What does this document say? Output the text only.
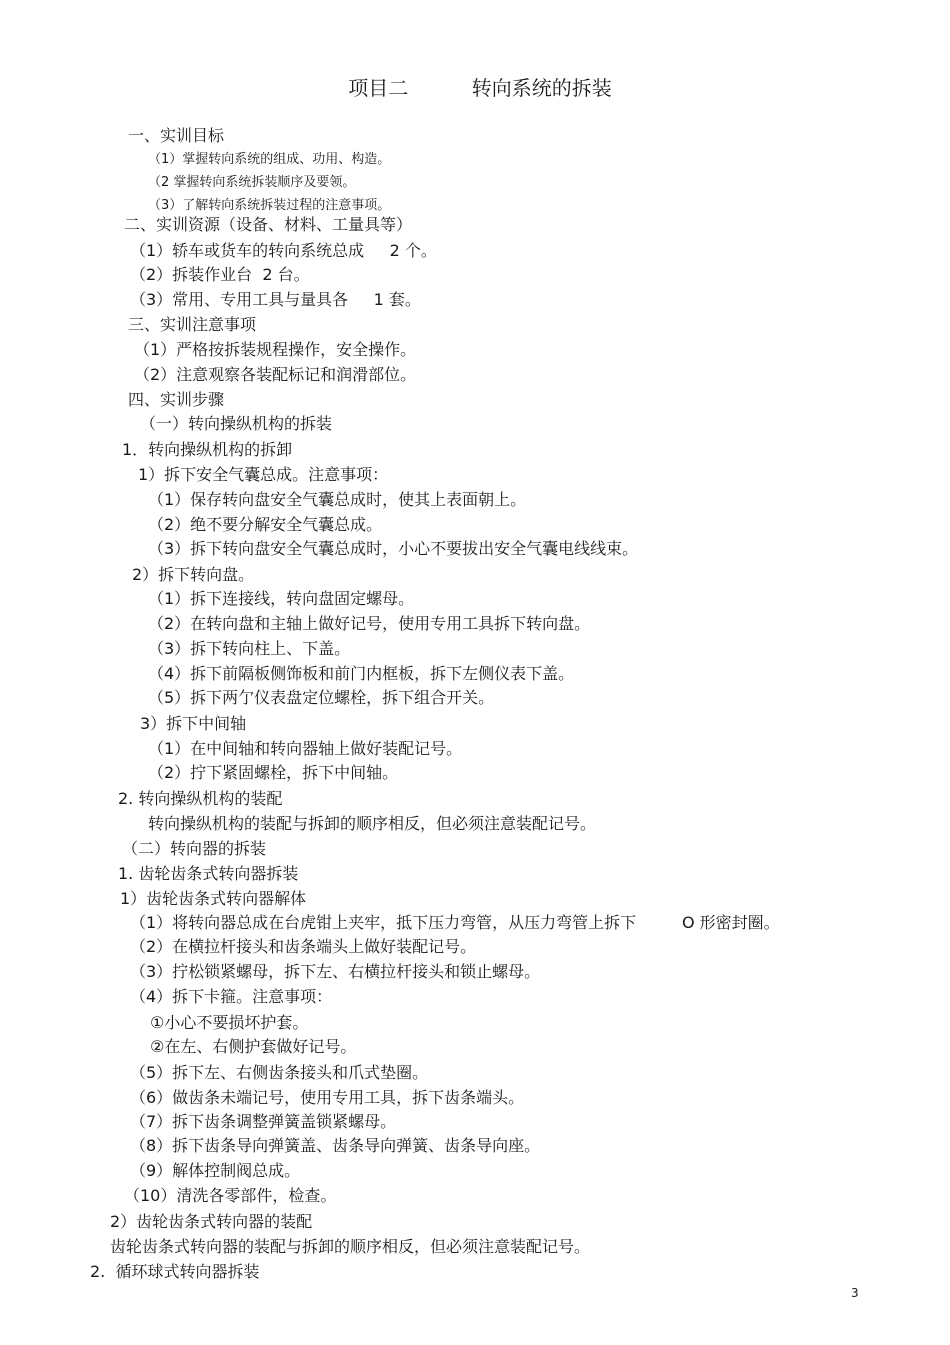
项目二          转向系统的拆装
一、实训目标
（1）掌握转向系统的组成、功用、构造。
（2 掌握转向系统拆装顺序及要领。
（3）了解转向系统拆装过程的注意事项。
二、实训资源（设备、材料、工量具等）
（1）轿车或货车的转向系统总成     2 个。
（2）拆装作业台  2 台。
（3）常用、专用工具与量具各     1 套。
三、实训注意事项
（1）严格按拆装规程操作，安全操作。
（2）注意观察各装配标记和润滑部位。
四、实训步骤
（一）转向操纵机构的拆装
1．转向操纵机构的拆卸
1）拆下安全气囊总成。注意事项：
（1）保存转向盘安全气囊总成时，使其上表面朝上。
（2）绝不要分解安全气囊总成。
（3）拆下转向盘安全气囊总成时，小心不要拔出安全气囊电线线束。
2）拆下转向盘。
（1）拆下连接线，转向盘固定螺母。
（2）在转向盘和主轴上做好记号，使用专用工具拆下转向盘。
（3）拆下转向柱上、下盖。
（4）拆下前隔板侧饰板和前门内框板，拆下左侧仪表下盖。
（5）拆下两亇仪表盘定位螺栓，拆下组合开关。
3）拆下中间轴
（1）在中间轴和转向器轴上做好装配记号。
（2）拧下紧固螺栓，拆下中间轴。
2. 转向操纵机构的装配
转向操纵机构的装配与拆卸的顺序相反，但必须注意装配记号。
（二）转向器的拆装
1. 齿轮齿条式转向器拆装
1）齿轮齿条式转向器解体
（1）将转向器总成在台虎钳上夹牢，抵下压力弯管，从压力弯管上拆下         O 形密封圈。
（2）在横拉杆接头和齿条端头上做好装配记号。
（3）拧松锁紧螺母，拆下左、右横拉杆接头和锁止螺母。
（4）拆下卡箍。注意事项：
①小心不要损坏护套。
②在左、右侧护套做好记号。
（5）拆下左、右侧齿条接头和爪式垫圈。
（6）做齿条未端记号，使用专用工具，拆下齿条端头。
（7）拆下齿条调整弹簧盖锁紧螺母。
（8）拆下齿条导向弹簧盖、齿条导向弹簧、齿条导向座。
（9）解体控制阀总成。
（10）清洗各零部件，检查。
2）齿轮齿条式转向器的装配
齿轮齿条式转向器的装配与拆卸的顺序相反，但必须注意装配记号。
2.  循环球式转向器拆装
3
